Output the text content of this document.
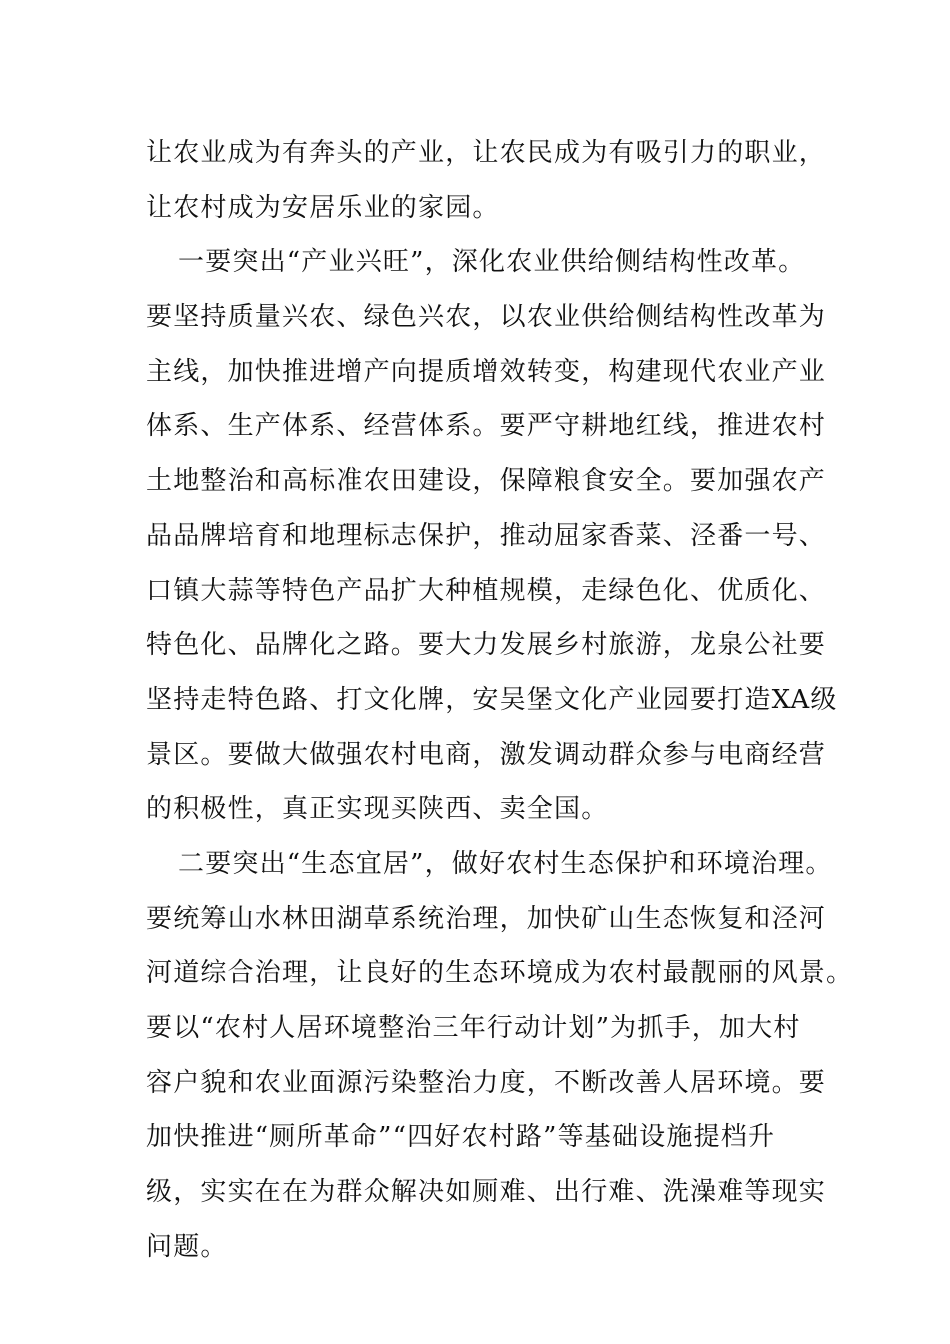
让农业成为有奔头的产业，让农民成为有吸引力的职业，
让农村成为安居乐业的家园。
一要突出“产业兴旺”，深化农业供给侧结构性改革。
要坚持质量兴农、绿色兴农，以农业供给侧结构性改革为
主线，加快推进增产向提质增效转变，构建现代农业产业
体系、生产体系、经营体系。要严守耕地红线，推进农村
土地整治和高标准农田建设，保障粮食安全。要加强农产
品品牌培育和地理标志保护，推动屈家香菜、泾番一号、
口镇大蒜等特色产品扩大种植规模，走绿色化、优质化、
特色化、品牌化之路。要大力发展乡村旅游，龙泉公社要
坚持走特色路、打文化牌，安吴堡文化产业园要打造XA级
景区。要做大做强农村电商，激发调动群众参与电商经营
的积极性，真正实现买陕西、卖全国。
二要突出“生态宜居”，做好农村生态保护和环境治理。
要统筹山水林田湖草系统治理，加快矿山生态恢复和泾河
河道综合治理，让良好的生态环境成为农村最靓丽的风景。
要以“农村人居环境整治三年行动计划”为抓手，加大村
容户貌和农业面源污染整治力度，不断改善人居环境。要
加快推进“厕所革命”“四好农村路”等基础设施提档升
级，实实在在为群众解决如厕难、出行难、洗澡难等现实
问题。
